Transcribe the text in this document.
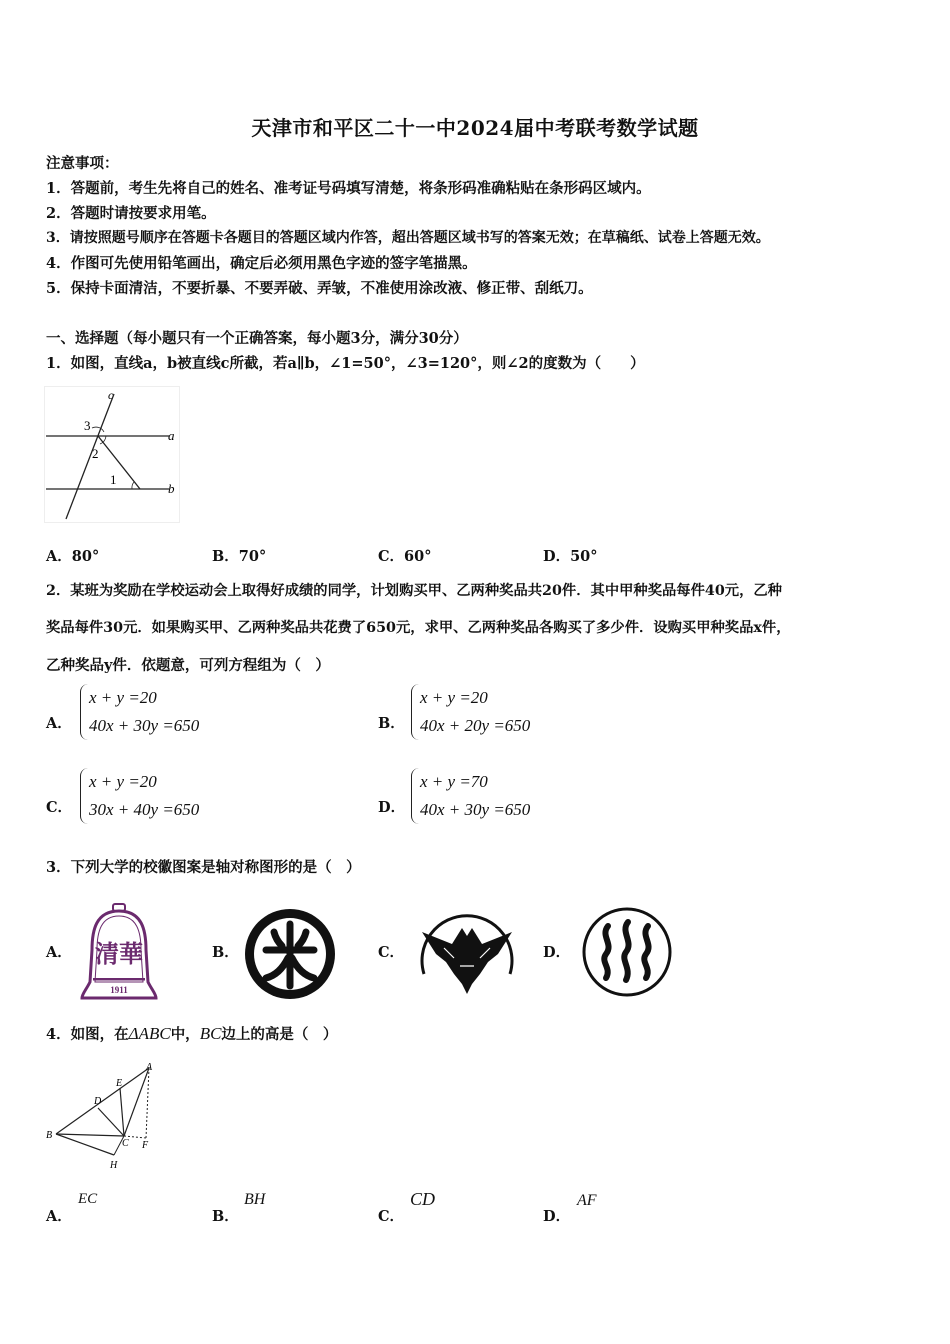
天津市和平区二十一中2024届中考联考数学试题
注意事项：
1．答题前，考生先将自己的姓名、准考证号码填写清楚，将条形码准确粘贴在条形码区域内。
2．答题时请按要求用笔。
3．请按照题号顺序在答题卡各题目的答题区域内作答，超出答题区域书写的答案无效；在草稿纸、试卷上答题无效。
4．作图可先使用铅笔画出，确定后必须用黑色字迹的签字笔描黑。
5．保持卡面清洁，不要折暴、不要弄破、弄皱，不准使用涂改液、修正带、刮纸刀。
一、选择题（每小题只有一个正确答案，每小题3分，满分30分）
1．如图，直线a，b被直线c所截，若a∥b，∠1=50°，∠3=120°，则∠2的度数为（　　）
c
a
b
3
2
1
A．80°	B．70°	C．60°	D．50°
2．某班为奖励在学校运动会上取得好成绩的同学，计划购买甲、乙两种奖品共20件．其中甲种奖品每件40元，乙种
奖品每件30元．如果购买甲、乙两种奖品共花费了650元，求甲、乙两种奖品各购买了多少件．设购买甲种奖品x件，
乙种奖品y件．依题意，可列方程组为（　）
A．
x + y =20
40x + 30y =650	B．
x + y =20
40x + 20y =650
C．
x + y =20
30x + 40y =650	D．
x + y =70
40x + 30y =650
3．下列大学的校徽图案是轴对称图形的是（　）
A． 清華
1911
B．	C．	D．
4．如图，在ΔABC中，BC边上的高是（　）
A
B
C
D
E
F
H
A．
EC
B．
BH
C．
CD
D．
AF
